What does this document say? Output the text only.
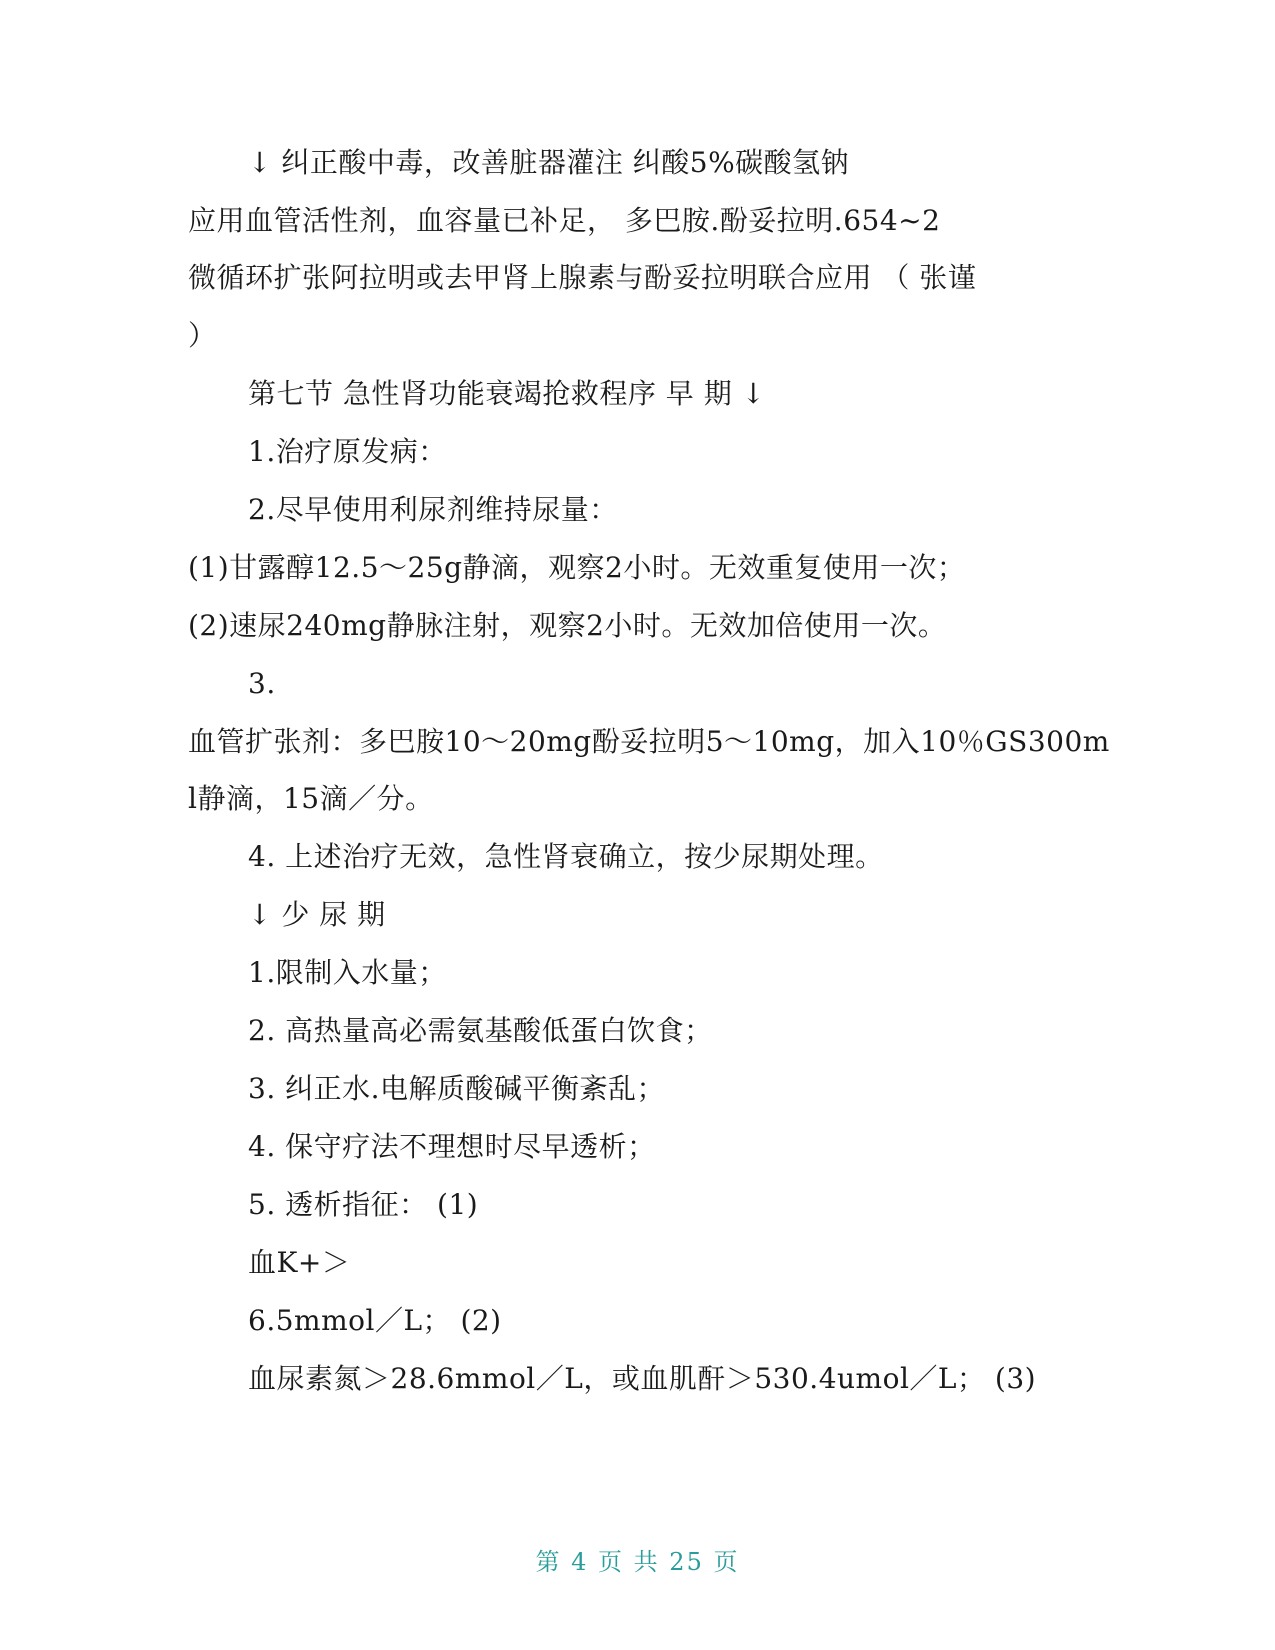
↓ 纠正酸中毒，改善脏器灌注 纠酸5%碳酸氢钠
应用血管活性剂，血容量已补足， 多巴胺.酚妥拉明.654~2
微循环扩张阿拉明或去甲肾上腺素与酚妥拉明联合应用 （ 张谨
）
第七节 急性肾功能衰竭抢救程序 早 期 ↓
1.治疗原发病：
2.尽早使用利尿剂维持尿量：
(1)甘露醇12.5～25g静滴，观察2小时。无效重复使用一次；
(2)速尿240mg静脉注射，观察2小时。无效加倍使用一次。
3.
血管扩张剂：多巴胺10～20mg酚妥拉明5～10mg，加入10％GS300m
l静滴，15滴／分。
4. 上述治疗无效，急性肾衰确立，按少尿期处理。
↓ 少 尿 期
1.限制入水量；
2. 高热量高必需氨基酸低蛋白饮食；
3. 纠正水.电解质酸碱平衡紊乱；
4. 保守疗法不理想时尽早透析；
5. 透析指征： (1)
血K+＞
6.5mmol／L； (2)
血尿素氮＞28.6mmol／L，或血肌酐＞530.4umol／L； (3)
第 4 页 共 25 页
